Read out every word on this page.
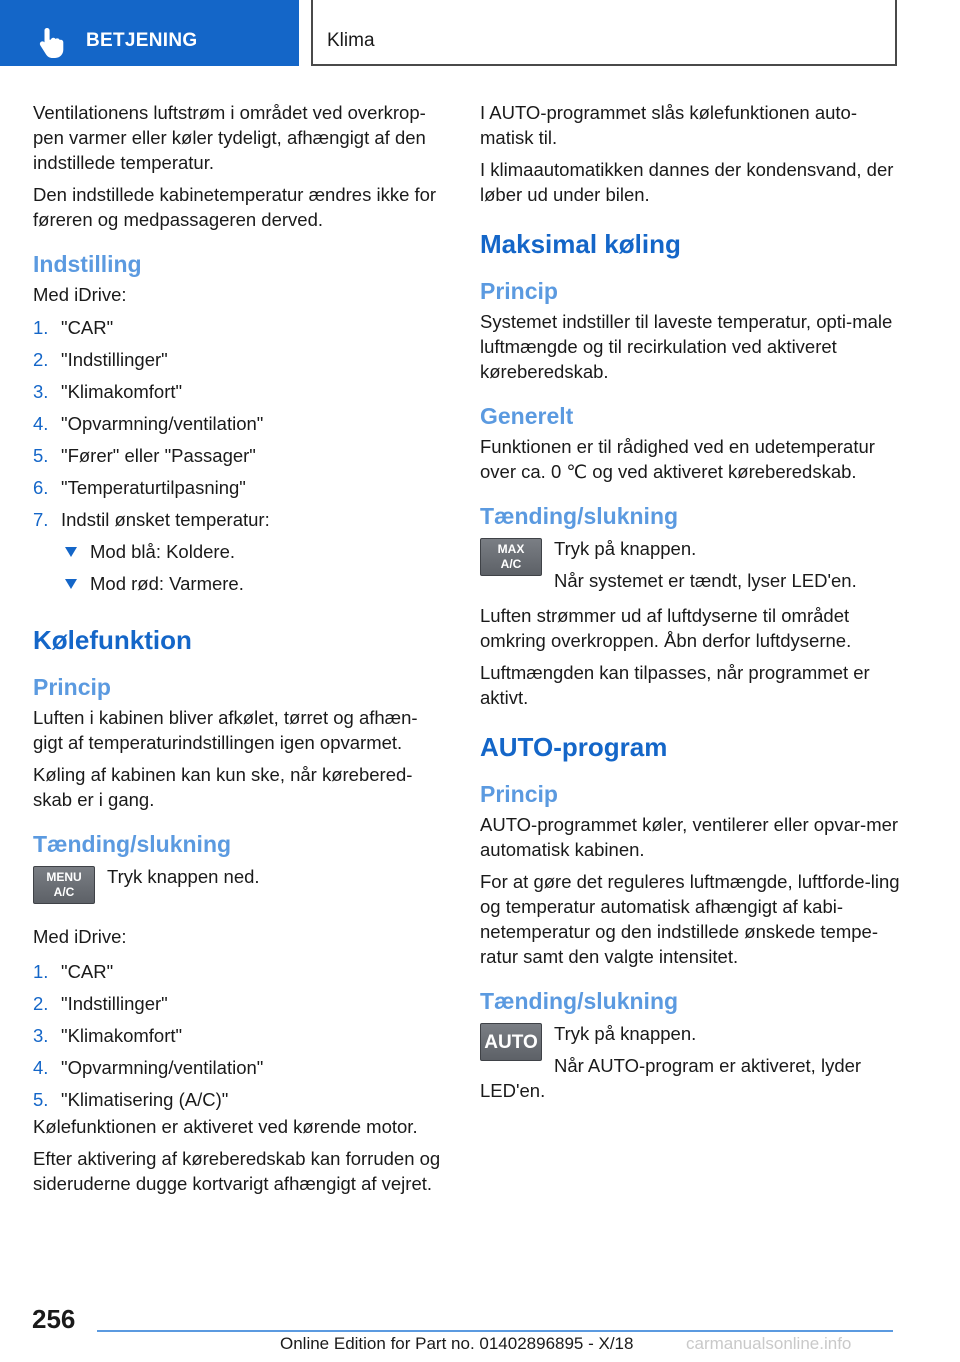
BETJENING	Klima

Ventilationens luftstrøm i området ved overkrop-pen varmer eller køler tydeligt, afhængigt af den indstillede temperatur.

Den indstillede kabinetemperatur ændres ikke for føreren og medpassageren derved.

Indstilling

Med iDrive:

1. "CAR"
2. "Indstillinger"
3. "Klimakomfort"
4. "Opvarmning/ventilation"
5. "Fører" eller "Passager"
6. "Temperaturtilpasning"
7. Indstil ønsket temperatur:
Mod blå: Koldere.
Mod rød: Varmere.
Kølefunktion
Princip

Luften i kabinen bliver afkølet, tørret og afhæn-gigt af temperaturindstillingen igen opvarmet.

Køling af kabinen kan kun ske, når kørebered-skab er i gang.

Tænding/slukning
MENU
A/C

Tryk knappen ned.

Med iDrive:

1. "CAR"
2. "Indstillinger"
3. "Klimakomfort"
4. "Opvarmning/ventilation"
5. "Klimatisering (A/C)"

Kølefunktionen er aktiveret ved kørende motor.

Efter aktivering af køreberedskab kan forruden og sideruderne dugge kortvarigt afhængigt af vejret.

I AUTO-programmet slås kølefunktionen auto-matisk til.

I klimaautomatikken dannes der kondensvand, der løber ud under bilen.

Maksimal køling
Princip

Systemet indstiller til laveste temperatur, opti-male luftmængde og til recirkulation ved aktiveret køreberedskab.

Generelt

Funktionen er til rådighed ved en udetemperatur over ca. 0 ℃ og ved aktiveret køreberedskab.

Tænding/slukning
MAX
A/C

Tryk på knappen.

Når systemet er tændt, lyser LED'en.

Luften strømmer ud af luftdyserne til området omkring overkroppen. Åbn derfor luftdyserne.

Luftmængden kan tilpasses, når programmet er aktivt.

AUTO-program
Princip

AUTO-programmet køler, ventilerer eller opvar-mer automatisk kabinen.

For at gøre det reguleres luftmængde, luftforde-ling og temperatur automatisk afhængigt af kabi-netemperatur og den indstillede ønskede tempe-ratur samt den valgte intensitet.

Tænding/slukning
AUTO Tryk på knappen.

Når AUTO-program er aktiveret, lyder LED'en.

256
Online Edition for Part no. 01402896895 - X/18	carmanualsonline.info
